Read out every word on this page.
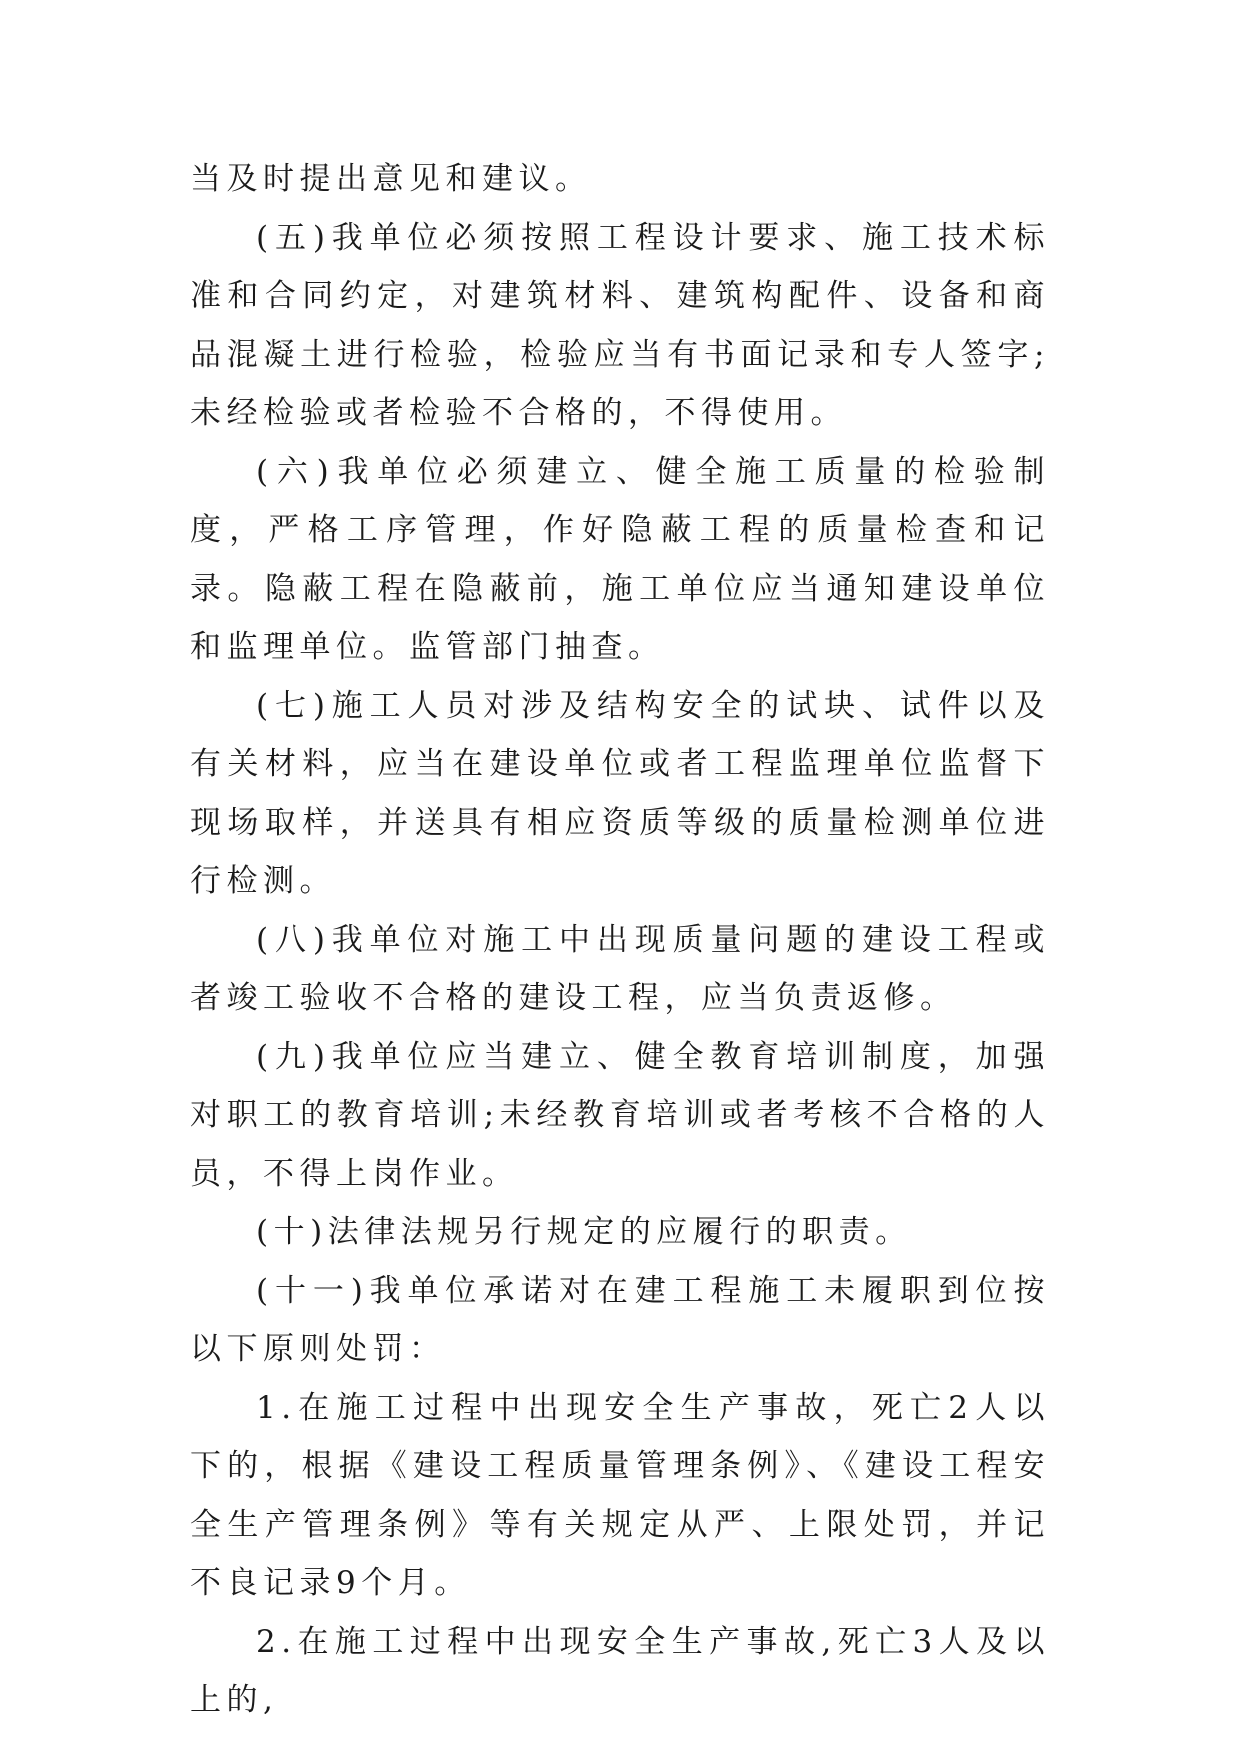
当及时提出意见和建议。

(五)我单位必须按照工程设计要求、施工技术标准和合同约定，对建筑材料、建筑构配件、设备和商品混凝土进行检验，检验应当有书面记录和专人签字;未经检验或者检验不合格的，不得使用。

(六)我单位必须建立、健全施工质量的检验制度，严格工序管理，作好隐蔽工程的质量检查和记录。隐蔽工程在隐蔽前，施工单位应当通知建设单位和监理单位。监管部门抽查。

(七)施工人员对涉及结构安全的试块、试件以及有关材料，应当在建设单位或者工程监理单位监督下现场取样，并送具有相应资质等级的质量检测单位进行检测。

(八)我单位对施工中出现质量问题的建设工程或者竣工验收不合格的建设工程，应当负责返修。

(九)我单位应当建立、健全教育培训制度，加强对职工的教育培训;未经教育培训或者考核不合格的人员，不得上岗作业。

(十)法律法规另行规定的应履行的职责。

(十一)我单位承诺对在建工程施工未履职到位按以下原则处罚：

1.在施工过程中出现安全生产事故，死亡2人以下的，根据《建设工程质量管理条例》、《建设工程安全生产管理条例》等有关规定从严、上限处罚，并记不良记录9个月。

2.在施工过程中出现安全生产事故,死亡3人及以上的,
